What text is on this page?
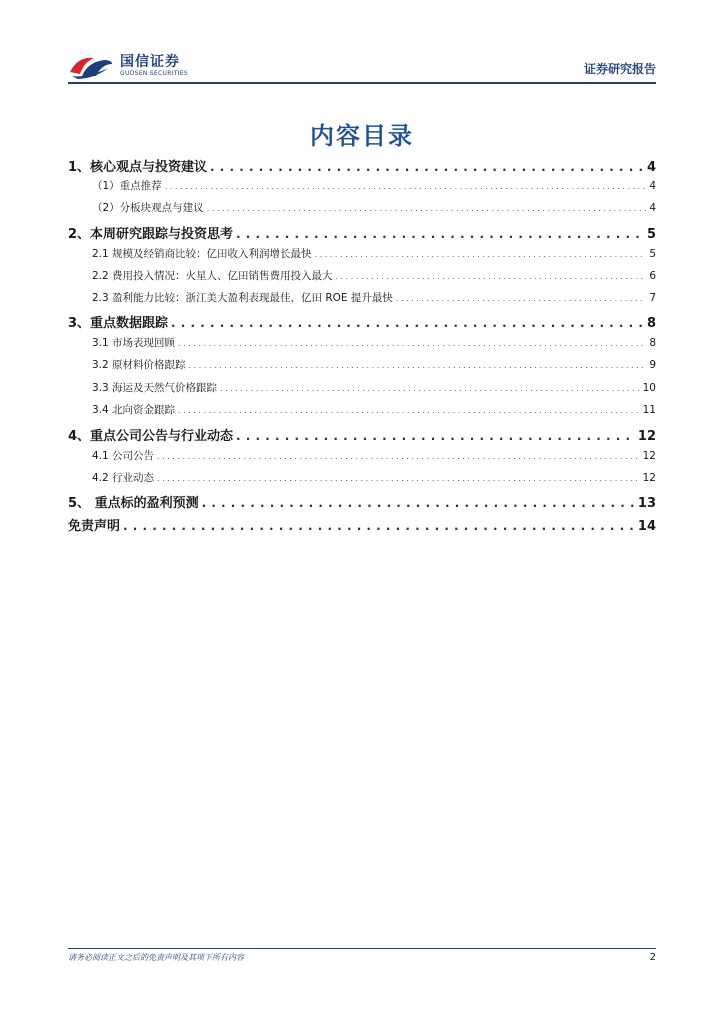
国信证券
GUOSEN SECURITIES	证券研究报告
内容目录
1、核心观点与投资建议 . . .	4
（1）重点推荐 . . .	4
（2）分板块观点与建议 . . .	4
2、本周研究跟踪与投资思考 . . .	5
2.1 规模及经销商比较：亿田收入利润增长最快 . . .	5
2.2 费用投入情况：火星人、亿田销售费用投入最大 . . .	6
2.3 盈利能力比较：浙江美大盈利表现最佳，亿田 ROE 提升最快 . . .	7
3、重点数据跟踪 . . .	8
3.1 市场表现回顾 . . .	8
3.2 原材料价格跟踪 . . .	9
3.3 海运及天然气价格跟踪 . . .	10
3.4 北向资金跟踪 . . .	11
4、重点公司公告与行业动态 . . .	12
4.1 公司公告 . . .	12
4.2 行业动态 . . .	12
5、 重点标的盈利预测 . . .	13
免责声明 . . .	14
请务必阅读正文之后的免责声明及其项下所有内容	2
